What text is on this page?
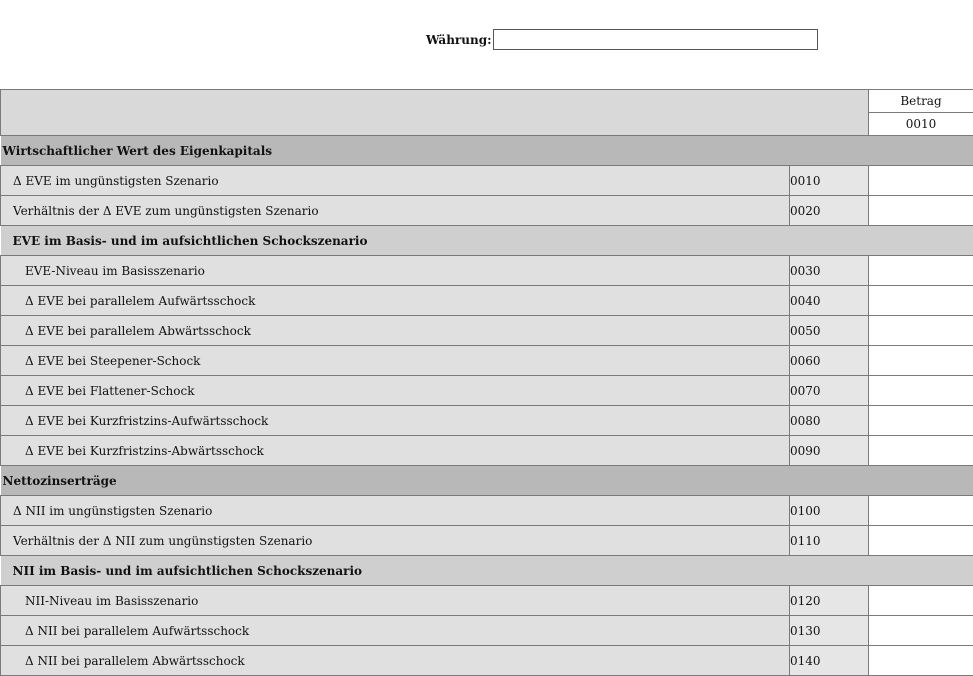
Währung:
		Betrag
		0010
Wirtschaftlicher Wert des Eigenkapitals		
Δ EVE im ungünstigsten Szenario	0010	
Verhältnis der Δ EVE zum ungünstigsten Szenario	0020	
EVE im Basis- und im aufsichtlichen Schockszenario		
EVE-Niveau im Basisszenario	0030	
Δ EVE bei parallelem Aufwärtsschock	0040	
Δ EVE bei parallelem Abwärtsschock	0050	
Δ EVE bei Steepener-Schock	0060	
Δ EVE bei Flattener-Schock	0070	
Δ EVE bei Kurzfristzins-Aufwärtsschock	0080	
Δ EVE bei Kurzfristzins-Abwärtsschock	0090	
Nettozinserträge		
Δ NII im ungünstigsten Szenario	0100	
Verhältnis der Δ NII zum ungünstigsten Szenario	0110	
NII im Basis- und im aufsichtlichen Schockszenario		
NII-Niveau im Basisszenario	0120	
Δ NII bei parallelem Aufwärtsschock	0130	
Δ NII bei parallelem Abwärtsschock	0140	
